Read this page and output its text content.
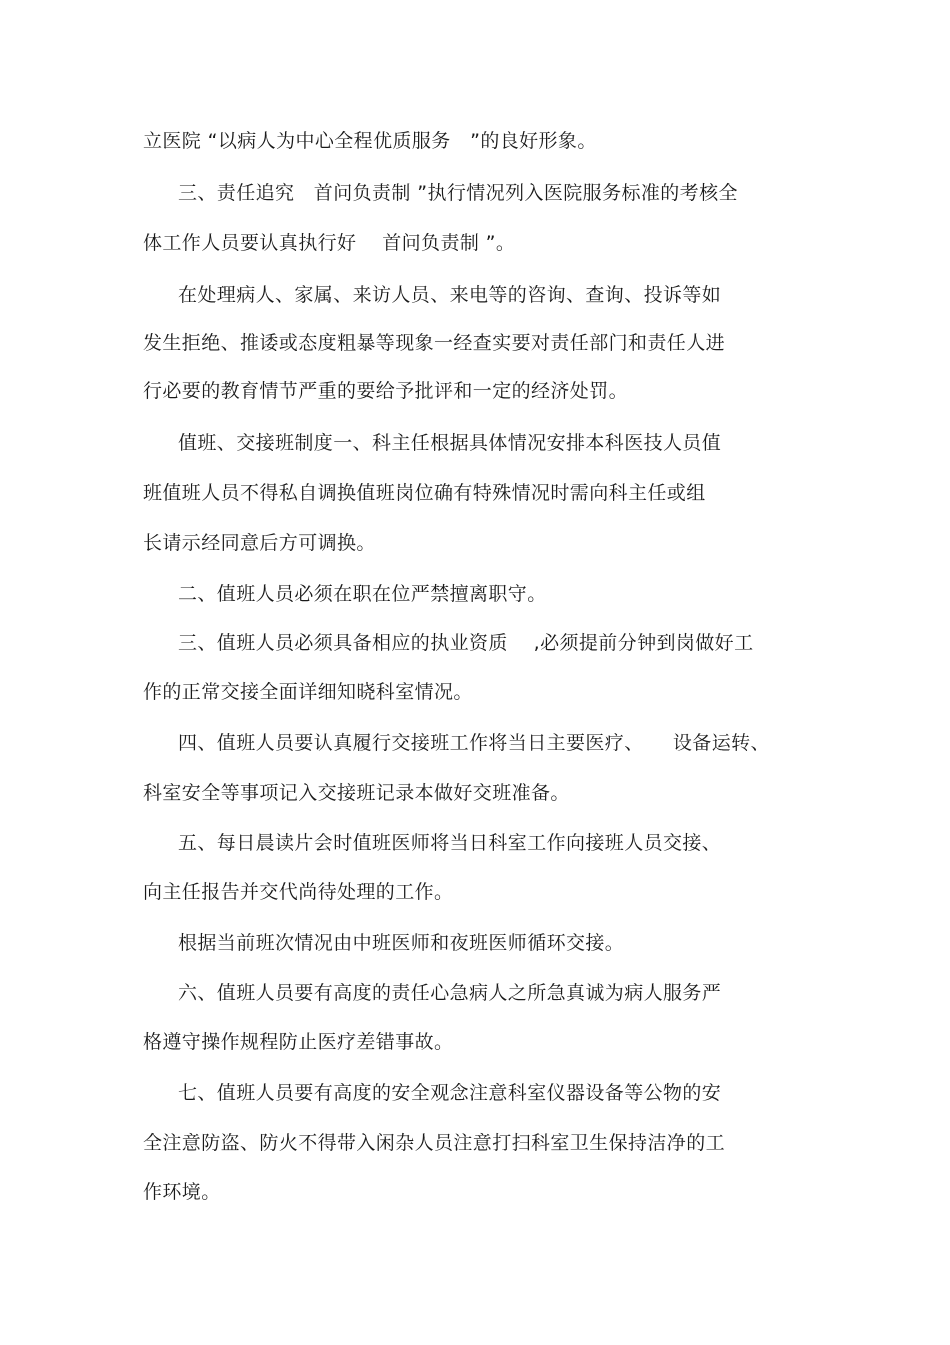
立医院 “以病人为中心全程优质服务　”的良好形象。
三、责任追究　首问负责制 ”执行情况列入医院服务标准的考核全
体工作人员要认真执行好　 首问负责制 ”。
在处理病人、家属、来访人员、来电等的咨询、查询、投诉等如
发生拒绝、推诿或态度粗暴等现象一经查实要对责任部门和责任人进
行必要的教育情节严重的要给予批评和一定的经济处罚。
值班、交接班制度一、科主任根据具体情况安排本科医技人员值
班值班人员不得私自调换值班岗位确有特殊情况时需向科主任或组
长请示经同意后方可调换。
二、值班人员必须在职在位严禁擅离职守。
三、值班人员必须具备相应的执业资质　 ,必须提前分钟到岗做好工
作的正常交接全面详细知晓科室情况。
四、值班人员要认真履行交接班工作将当日主要医疗、　　设备运转、
科室安全等事项记入交接班记录本做好交班准备。
五、每日晨读片会时值班医师将当日科室工作向接班人员交接、
向主任报告并交代尚待处理的工作。
根据当前班次情况由中班医师和夜班医师循环交接。
六、值班人员要有高度的责任心急病人之所急真诚为病人服务严
格遵守操作规程防止医疗差错事故。
七、值班人员要有高度的安全观念注意科室仪器设备等公物的安
全注意防盗、防火不得带入闲杂人员注意打扫科室卫生保持洁净的工
作环境。
